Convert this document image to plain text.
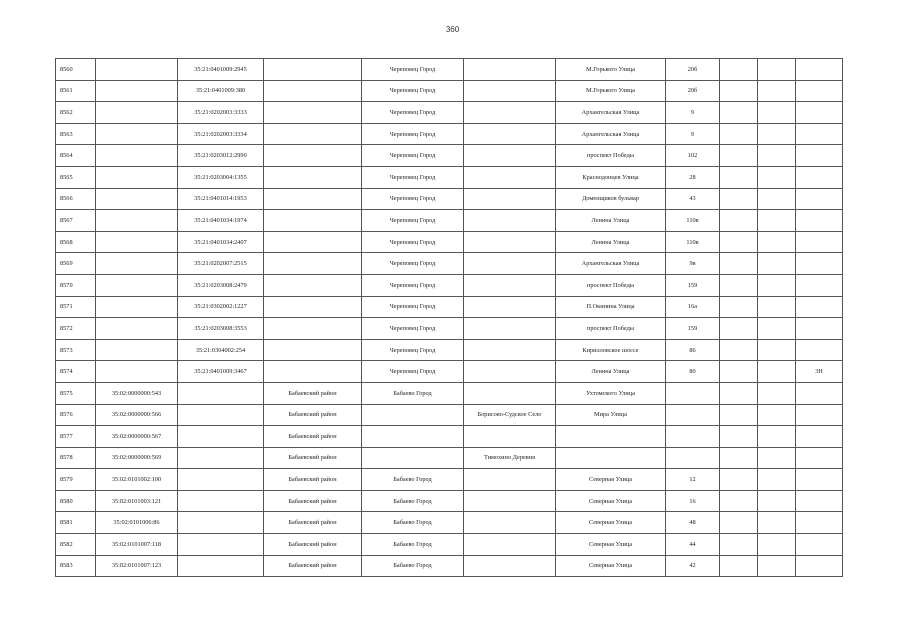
360
8560		35:21:0401009:2945		Череповец Город		М.Горького Улица	20б			
8561		35:21:0401009:380		Череповец Город		М.Горького Улица	20б			
8562		35:21:0202003:3333		Череповец Город		Архангельская Улица	9			
8563		35:21:0202003:3334		Череповец Город		Архангельская Улица	9			
8564		35:21:0203012:2990		Череповец Город		проспект Победы	102			
8565		35:21:0203004:1355		Череповец Город		Краснодонцев Улица	28			
8566		35:21:0401014:1953		Череповец Город		Доменщиков бульвар	43			
8567		35:21:0401034:1974		Череповец Город		Ленина Улица	110в			
8568		35:21:0401034:2407		Череповец Город		Ленина Улица	110в			
8569		35:21:0202007:2515		Череповец Город		Архангельская Улица	9в			
8570		35:21:0203008:2479		Череповец Город		проспект Победы	159			
8571		35:21:0302002:1227		Череповец Город		П.Окинина Улица	16а			
8572		35:21:0203008:3553		Череповец Город		проспект Победы	159			
8573		35:21:0304002:254		Череповец Город		Кирилловское шоссе	86			
8574		35:21:0401009:3467		Череповец Город		Ленина Улица	80			3Н
8575	35:02:0000000:543		Бабаевский район	Бабаево Город		Ухтомского Улица				
8576	35:02:0000000:566		Бабаевский район		Борисово-Судское Село	Мира Улица				
8577	35:02:0000000:567		Бабаевский район							
8578	35:02:0000000:569		Бабаевский район		Тимохино Деревня					
8579	35:02:0101002:100		Бабаевский район	Бабаево Город		Северная Улица	12			
8580	35:02:0101003:121		Бабаевский район	Бабаево Город		Северная Улица	16			
8581	35:02:0101006:86		Бабаевский район	Бабаево Город		Северная Улица	48			
8582	35:02:0101007:118		Бабаевский район	Бабаево Город		Северная Улица	44			
8583	35:02:0101007:123		Бабаевский район	Бабаево Город		Северная Улица	42			
